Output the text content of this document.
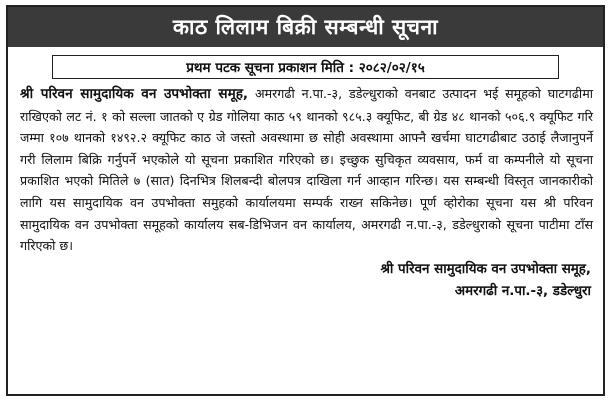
काठ लिलाम बिक्री सम्बन्धी सूचना
प्रथम पटक सूचना प्रकाशन मिति : २०८२/०२/१५
श्री परिवन सामुदायिक वन उपभोक्ता समूह, अमरगढी न.पा.-३, डडेल्धुराको वनबाट उत्पादन भई समूहको घाटगढीमा राखिएको लट नं. १ को सल्ला जातको ए ग्रेड गोलिया काठ ५९ थानको ९८५.३ क्यूफिट, बी ग्रेड ४८ थानको ५०६.९ क्यूफिट गरि जम्मा १०७ थानको १४९२.२ क्यूफिट काठ जे जस्तो अवस्थामा छ सोही अवस्थामा आफ्नै खर्चमा घाटगढीबाट उठाई लैजानुपर्ने गरी लिलाम बिक्रि गर्नुपर्ने भएकोले यो सूचना प्रकाशित गरिएको छ। इच्छुक सुचिकृत व्यवसाय, फर्म वा कम्पनीले यो सूचना प्रकाशित भएको मितिले ७ (सात) दिनभित्र शिलबन्दी बोलपत्र दाखिला गर्न आव्हान गरिन्छ। यस सम्बन्धी विस्तृत जानकारीको लागि यस सामुदायिक वन उपभोक्ता समुहको कार्यालयमा सम्पर्क राख्न सकिनेछ। पूर्ण व्होरोका सूचना यस श्री परिवन सामुदायिक वन उपभोक्ता समूहको कार्यालय सब-डिभिजन वन कार्यालय, अमरगढी न.पा.-३, डडेल्धुराको सूचना पाटीमा टाँस गरिएको छ।
श्री परिवन सामुदायिक वन उपभोक्ता समूह,
अमरगढी न.पा.-३, डडेल्धुरा
